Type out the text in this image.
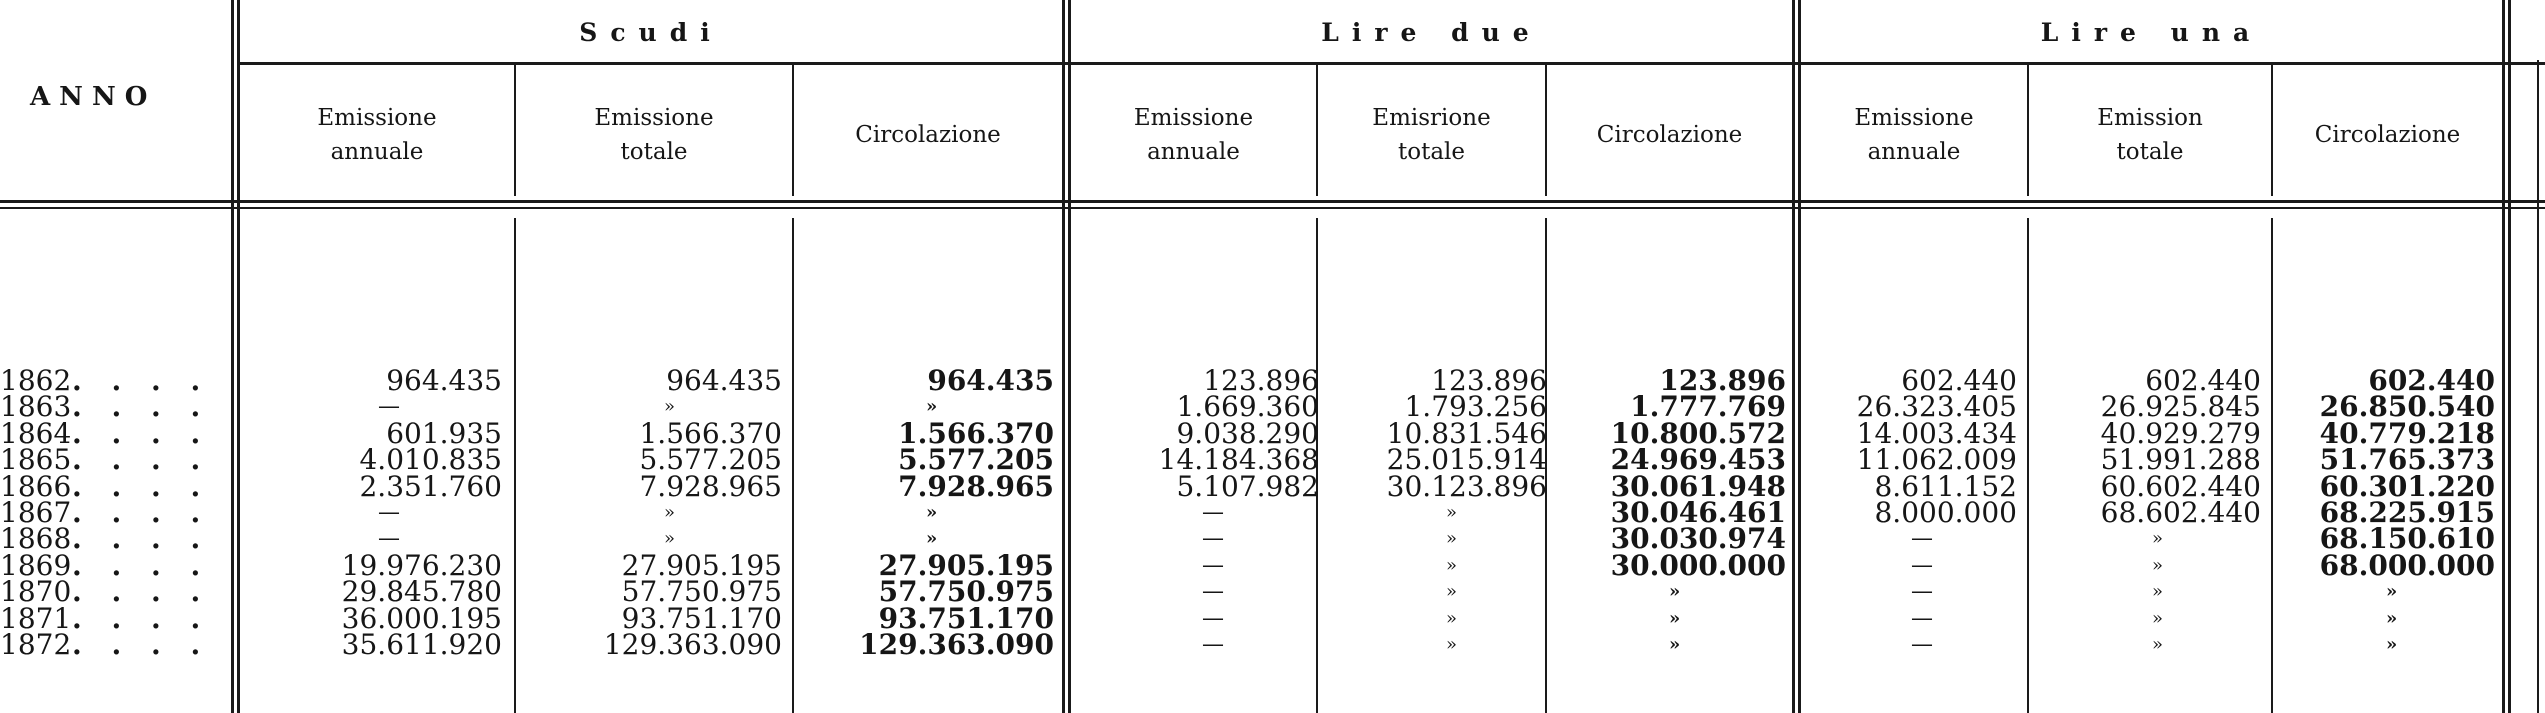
ANNO
Scudi	Lire due	Lire una
Emissione
annuale
Emissione
totale
Circolazione
Emissione
annuale
Emisrione
totale
Circolazione
Emissione
annuale
Emission
totale
Circolazione
1862. . . .
1863. . . .
1864. . . .
1865. . . .
1866. . . .
1867. . . .
1868. . . .
1869. . . .
1870. . . .
1871. . . .
1872. . . .
964.435
—
601.935
4.010.835
2.351.760
—
—
19.976.230
29.845.780
36.000.195
35.611.920
964.435
»
1.566.370
5.577.205
7.928.965
»
»
27.905.195
57.750.975
93.751.170
129.363.090
964.435
»
1.566.370
5.577.205
7.928.965
»
»
27.905.195
57.750.975
93.751.170
129.363.090
123.896
1.669.360
9.038.290
14.184.368
5.107.982
—
—
—
—
—
—
123.896
1.793.256
10.831.546
25.015.914
30.123.896
»
»
»
»
»
»
123.896
1.777.769
10.800.572
24.969.453
30.061.948
30.046.461
30.030.974
30.000.000
»
»
»
602.440
26.323.405
14.003.434
11.062.009
8.611.152
8.000.000
—
—
—
—
—
602.440
26.925.845
40.929.279
51.991.288
60.602.440
68.602.440
»
»
»
»
»
602.440
26.850.540
40.779.218
51.765.373
60.301.220
68.225.915
68.150.610
68.000.000
»
»
»
